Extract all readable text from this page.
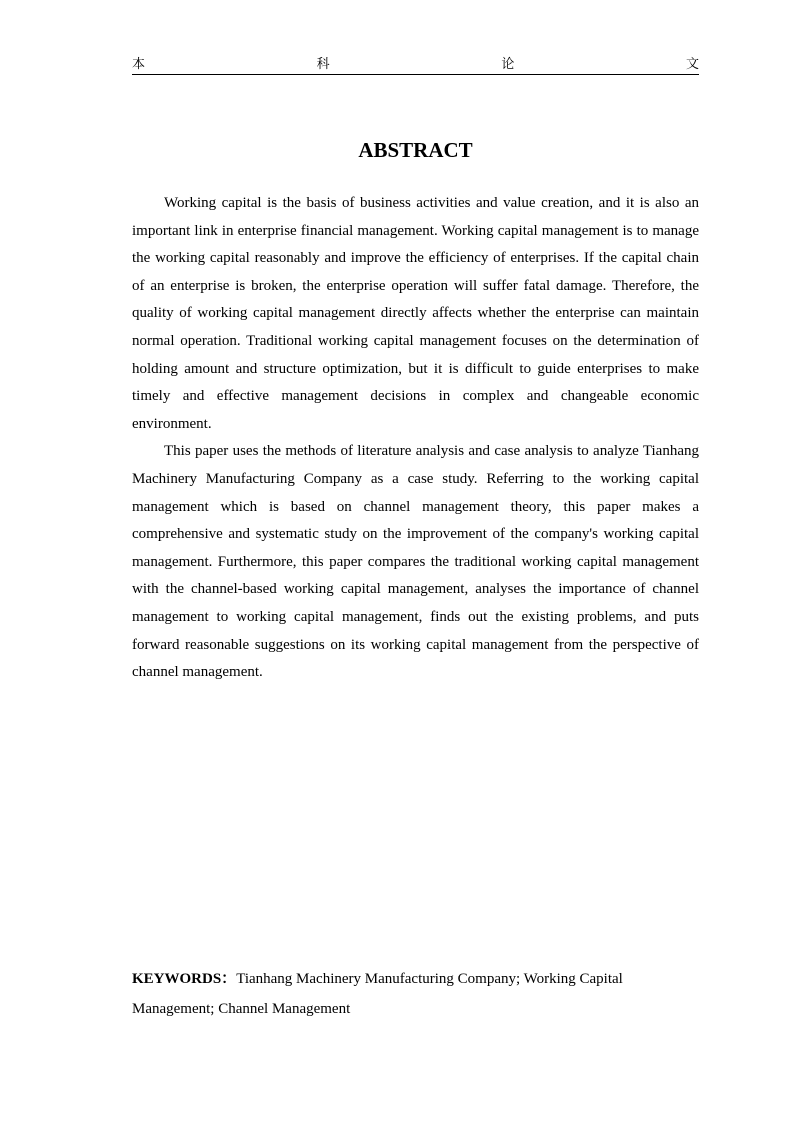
本	科	论	文
ABSTRACT

Working capital is the basis of business activities and value creation, and it is also an important link in enterprise financial management. Working capital management is to manage the working capital reasonably and improve the efficiency of enterprises. If the capital chain of an enterprise is broken, the enterprise operation will suffer fatal damage. Therefore, the quality of working capital management directly affects whether the enterprise can maintain normal operation. Traditional working capital management focuses on the determination of holding amount and structure optimization, but it is difficult to guide enterprises to make timely and effective management decisions in complex and changeable economic environment.

This paper uses the methods of literature analysis and case analysis to analyze Tianhang Machinery Manufacturing Company as a case study. Referring to the working capital management which is based on channel management theory, this paper makes a comprehensive and systematic study on the improvement of the company's working capital management. Furthermore, this paper compares the traditional working capital management with the channel-based working capital management, analyses the importance of channel management to working capital management, finds out the existing problems, and puts forward reasonable suggestions on its working capital management from the perspective of channel management.

KEYWORDS：Tianhang Machinery Manufacturing Company; Working Capital Management; Channel Management
